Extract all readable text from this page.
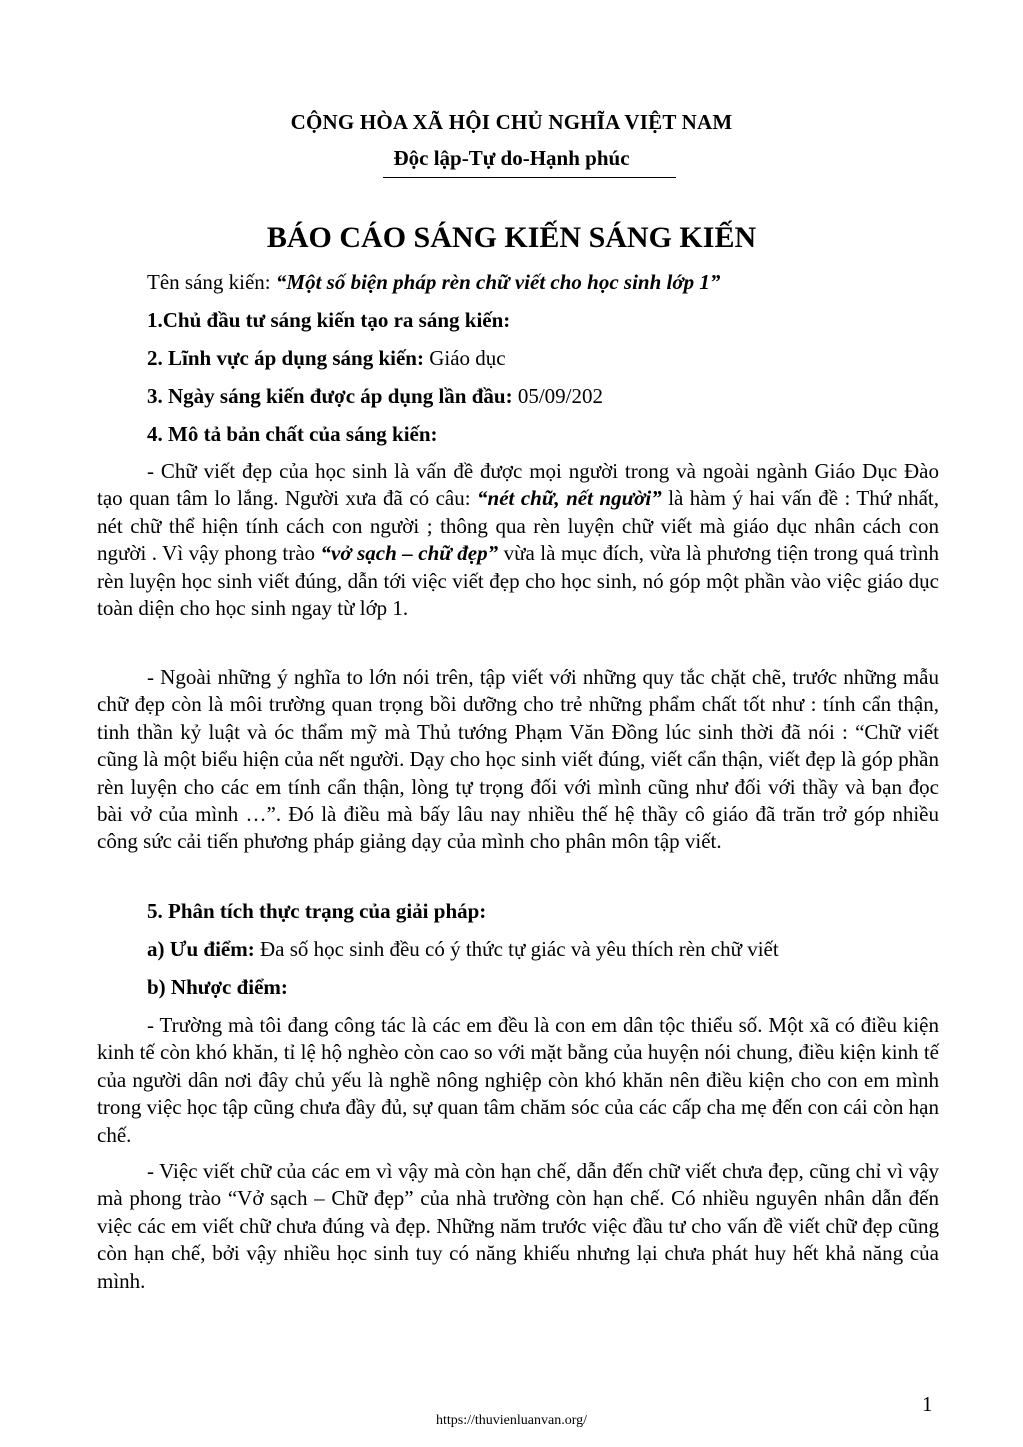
CỘNG HÒA XÃ HỘI CHỦ NGHĨA VIỆT NAM
Độc lập-Tự do-Hạnh phúc
BÁO CÁO SÁNG KIẾN SÁNG KIẾN
Tên sáng kiến: “Một số biện pháp rèn chữ viết cho học sinh lớp 1”
1.Chủ đầu tư sáng kiến tạo ra sáng kiến:
2. Lĩnh vực áp dụng sáng kiến: Giáo dục
3. Ngày sáng kiến được áp dụng lần đầu: 05/09/202
4. Mô tả bản chất của sáng kiến:
- Chữ viết đẹp của học sinh là vấn đề được mọi người trong và ngoài ngành Giáo Dục Đào tạo quan tâm lo lắng. Người xưa đã có câu: “nét chữ, nết người” là hàm ý hai vấn đề : Thứ nhất, nét chữ thể hiện tính cách con người ; thông qua rèn luyện chữ viết mà giáo dục nhân cách con người . Vì vậy phong trào “vở sạch – chữ đẹp” vừa là mục đích, vừa là phương tiện trong quá trình rèn luyện học sinh viết đúng, dẫn tới việc viết đẹp cho học sinh, nó góp một phần vào việc giáo dục toàn diện cho học sinh ngay từ lớp 1.
- Ngoài những ý nghĩa to lớn nói trên, tập viết với những quy tắc chặt chẽ, trước những mẫu chữ đẹp còn là môi trường quan trọng bồi dưỡng cho trẻ những phẩm chất tốt như : tính cẩn thận, tinh thần kỷ luật và óc thẩm mỹ mà Thủ tướng Phạm Văn Đồng lúc sinh thời đã nói : “Chữ viết cũng là một biểu hiện của nết người. Dạy cho học sinh viết đúng, viết cẩn thận, viết đẹp là góp phần rèn luyện cho các em tính cẩn thận, lòng tự trọng đối với mình cũng như đối với thầy và bạn đọc bài vở của mình …”. Đó là điều mà bấy lâu nay nhiều thế hệ thầy cô giáo đã trăn trở góp nhiều công sức cải tiến phương pháp giảng dạy của mình cho phân môn tập viết.
5. Phân tích thực trạng của giải pháp:
a) Ưu điểm: Đa số học sinh đều có ý thức tự giác và yêu thích rèn chữ viết
b) Nhược điểm:
- Trường mà tôi đang công tác là các em đều là con em dân tộc thiểu số. Một xã có điều kiện kinh tế còn khó khăn, tỉ lệ hộ nghèo còn cao so với mặt bằng của huyện nói chung, điều kiện kinh tế của người dân nơi đây chủ yếu là nghề nông nghiệp còn khó khăn nên điều kiện cho con em mình trong việc học tập cũng chưa đầy đủ, sự quan tâm chăm sóc của các cấp cha mẹ đến con cái còn hạn chế.
- Việc viết chữ của các em vì vậy mà còn hạn chế, dẫn đến chữ viết chưa đẹp, cũng chỉ vì vậy mà phong trào “Vở sạch – Chữ đẹp” của nhà trường còn hạn chế. Có nhiều nguyên nhân dẫn đến việc các em viết chữ chưa đúng và đẹp. Những năm trước việc đầu tư cho vấn đề viết chữ đẹp cũng còn hạn chế, bởi vậy nhiều học sinh tuy có năng khiếu nhưng lại chưa phát huy hết khả năng của mình.
1
https://thuvienluanvan.org/
